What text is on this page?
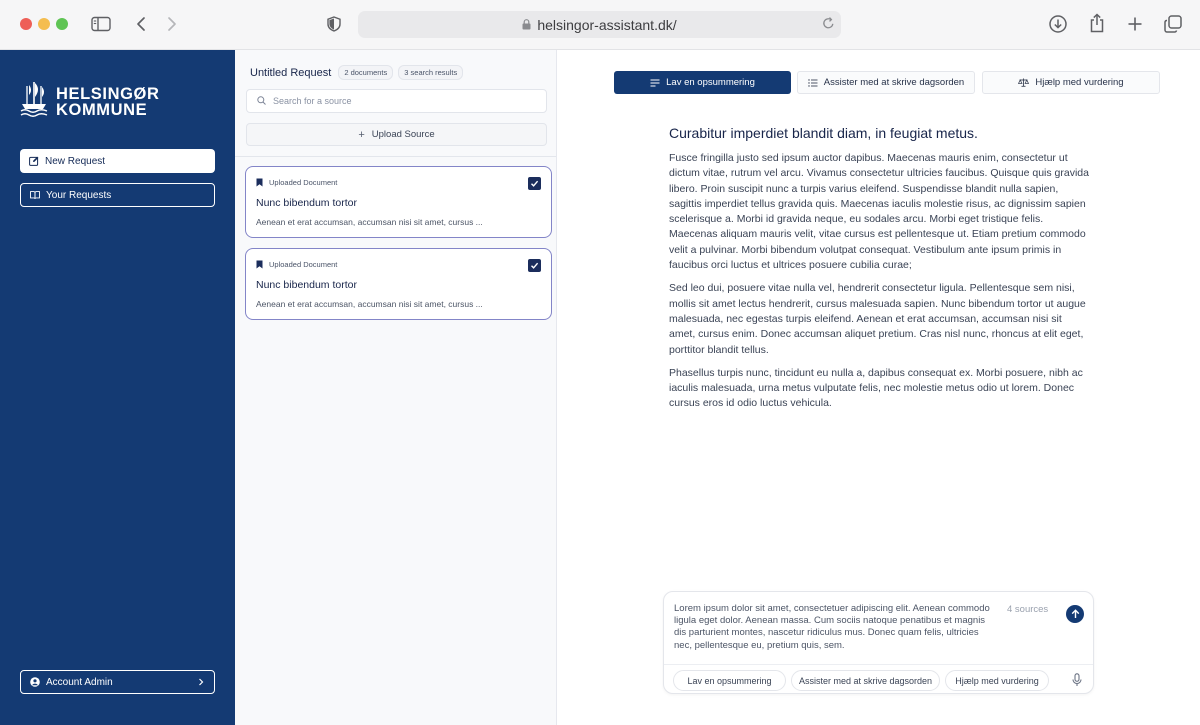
helsingor-assistant.dk/
HELSINGØR
KOMMUNE
New Request
Your Requests
Account Admin
Untitled Request	2 documents	3 search results
Search for a source
+ Upload Source
Uploaded Document
Nunc bibendum tortor
Aenean et erat accumsan, accumsan nisi sit amet, cursus ...
Uploaded Document
Nunc bibendum tortor
Aenean et erat accumsan, accumsan nisi sit amet, cursus ...
Lav en opsummering	Assister med at skrive dagsorden	Hjælp med vurdering
Curabitur imperdiet blandit diam, in feugiat metus.

Fusce fringilla justo sed ipsum auctor dapibus. Maecenas mauris enim, consectetur ut dictum vitae, rutrum vel arcu. Vivamus consectetur ultricies faucibus. Quisque quis gravida libero. Proin suscipit nunc a turpis varius eleifend. Suspendisse blandit nulla sapien, sagittis imperdiet tellus gravida quis. Maecenas iaculis molestie risus, ac dignissim sapien scelerisque a. Morbi id gravida neque, eu sodales arcu. Morbi eget tristique felis. Maecenas aliquam mauris velit, vitae cursus est pellentesque ut. Etiam pretium commodo velit a pulvinar. Morbi bibendum volutpat consequat. Vestibulum ante ipsum primis in faucibus orci luctus et ultrices posuere cubilia curae;

Sed leo dui, posuere vitae nulla vel, hendrerit consectetur ligula. Pellentesque sem nisi, mollis sit amet lectus hendrerit, cursus malesuada sapien. Nunc bibendum tortor ut augue malesuada, nec egestas turpis eleifend. Aenean et erat accumsan, accumsan nisi sit amet, cursus enim. Donec accumsan aliquet pretium. Cras nisl nunc, rhoncus at elit eget, porttitor blandit tellus.

Phasellus turpis nunc, tincidunt eu nulla a, dapibus consequat ex. Morbi posuere, nibh ac iaculis malesuada, urna metus vulputate felis, nec molestie metus odio ut lorem. Donec cursus eros id odio luctus vehicula.

Lorem ipsum dolor sit amet, consectetuer adipiscing elit. Aenean commodo ligula eget dolor. Aenean massa. Cum sociis natoque penatibus et magnis dis parturient montes, nascetur ridiculus mus. Donec quam felis, ultricies nec, pellentesque eu, pretium quis, sem.
4 sources
Lav en opsummering	Assister med at skrive dagsorden	Hjælp med vurdering
